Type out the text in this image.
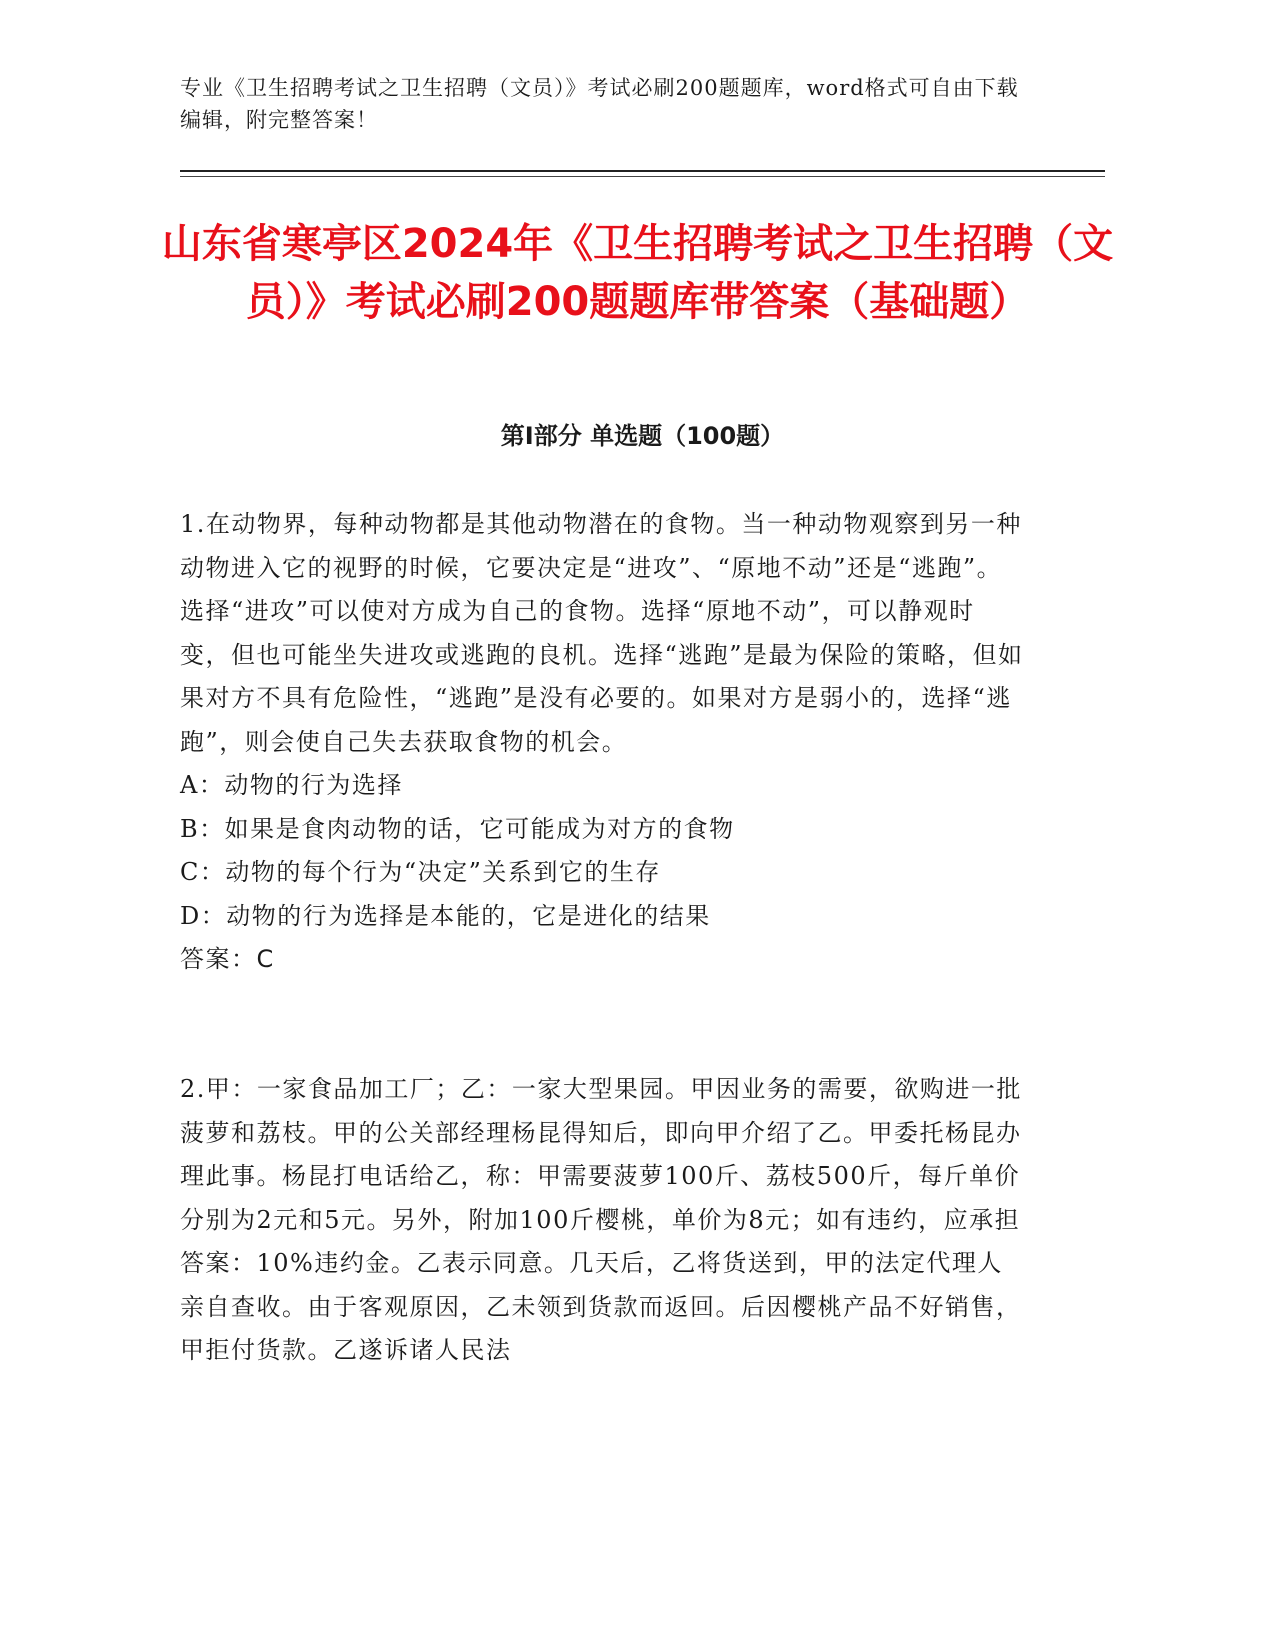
专业《卫生招聘考试之卫生招聘（文员）》考试必刷200题题库，word格式可自由下载编辑，附完整答案！
山东省寒亭区2024年《卫生招聘考试之卫生招聘（文员）》考试必刷200题题库带答案（基础题）
第Ⅰ部分 单选题（100题）

1.在动物界，每种动物都是其他动物潜在的食物。当一种动物观察到另一种动物进入它的视野的时候，它要决定是“进攻”、“原地不动”还是“逃跑”。选择“进攻”可以使对方成为自己的食物。选择“原地不动”，可以静观时变，但也可能坐失进攻或逃跑的良机。选择“逃跑”是最为保险的策略，但如果对方不具有危险性，“逃跑”是没有必要的。如果对方是弱小的，选择“逃跑”，则会使自己失去获取食物的机会。

A：动物的行为选择

B：如果是食肉动物的话，它可能成为对方的食物

C：动物的每个行为“决定”关系到它的生存

D：动物的行为选择是本能的，它是进化的结果

答案：C

2.甲：一家食品加工厂；乙：一家大型果园。甲因业务的需要，欲购进一批菠萝和荔枝。甲的公关部经理杨昆得知后，即向甲介绍了乙。甲委托杨昆办理此事。杨昆打电话给乙，称：甲需要菠萝100斤、荔枝500斤，每斤单价分别为2元和5元。另外，附加100斤樱桃，单价为8元；如有违约，应承担答案：10%违约金。乙表示同意。几天后，乙将货送到，甲的法定代理人亲自查收。由于客观原因，乙未领到货款而返回。后因樱桃产品不好销售，甲拒付货款。乙遂诉诸人民法
